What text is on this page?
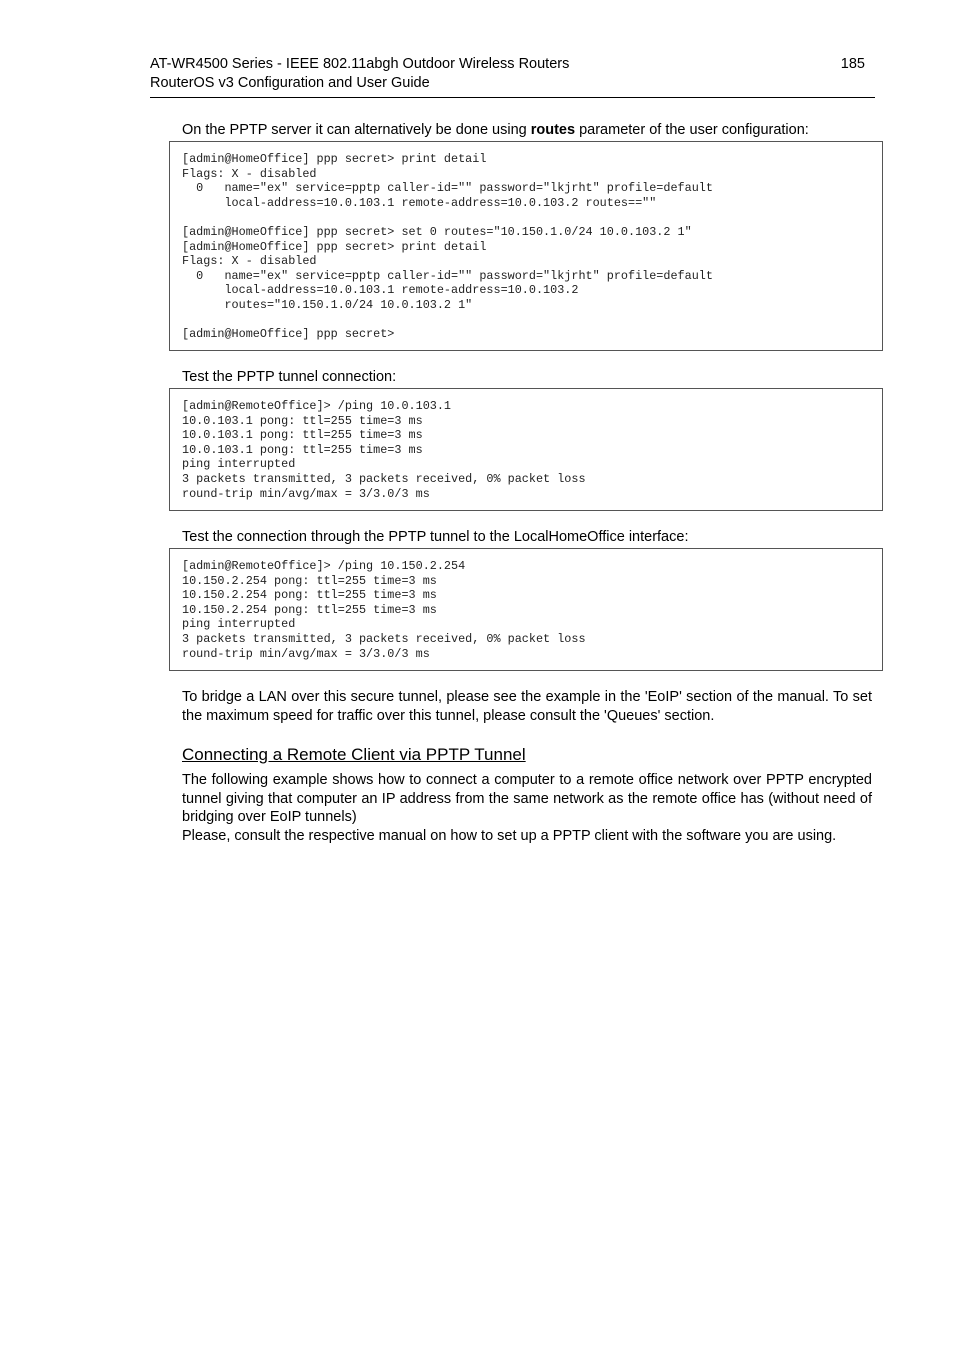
AT-WR4500 Series - IEEE 802.11abgh Outdoor Wireless Routers	185
RouterOS v3 Configuration and User Guide
On the PPTP server it can alternatively be done using routes parameter of the user configuration:
[admin@HomeOffice] ppp secret> print detail
Flags: X - disabled
0   name="ex" service=pptp caller-id="" password="lkjrht" profile=default
local-address=10.0.103.1 remote-address=10.0.103.2 routes==""
[admin@HomeOffice] ppp secret> set 0 routes="10.150.1.0/24 10.0.103.2 1"
[admin@HomeOffice] ppp secret> print detail
Flags: X - disabled
0   name="ex" service=pptp caller-id="" password="lkjrht" profile=default
local-address=10.0.103.1 remote-address=10.0.103.2
routes="10.150.1.0/24 10.0.103.2 1"
[admin@HomeOffice] ppp secret>
Test the PPTP tunnel connection:
[admin@RemoteOffice]> /ping 10.0.103.1
10.0.103.1 pong: ttl=255 time=3 ms
10.0.103.1 pong: ttl=255 time=3 ms
10.0.103.1 pong: ttl=255 time=3 ms
ping interrupted
3 packets transmitted, 3 packets received, 0% packet loss
round-trip min/avg/max = 3/3.0/3 ms
Test the connection through the PPTP tunnel to the LocalHomeOffice interface:
[admin@RemoteOffice]> /ping 10.150.2.254
10.150.2.254 pong: ttl=255 time=3 ms
10.150.2.254 pong: ttl=255 time=3 ms
10.150.2.254 pong: ttl=255 time=3 ms
ping interrupted
3 packets transmitted, 3 packets received, 0% packet loss
round-trip min/avg/max = 3/3.0/3 ms
To bridge a LAN over this secure tunnel, please see the example in the 'EoIP' section of the manual. To set the maximum speed for traffic over this tunnel, please consult the 'Queues' section.
Connecting a Remote Client via PPTP Tunnel
The following example shows how to connect a computer to a remote office network over PPTP encrypted tunnel giving that computer an IP address from the same network as the remote office has (without need of bridging over EoIP tunnels)
Please, consult the respective manual on how to set up a PPTP client with the software you are using.
